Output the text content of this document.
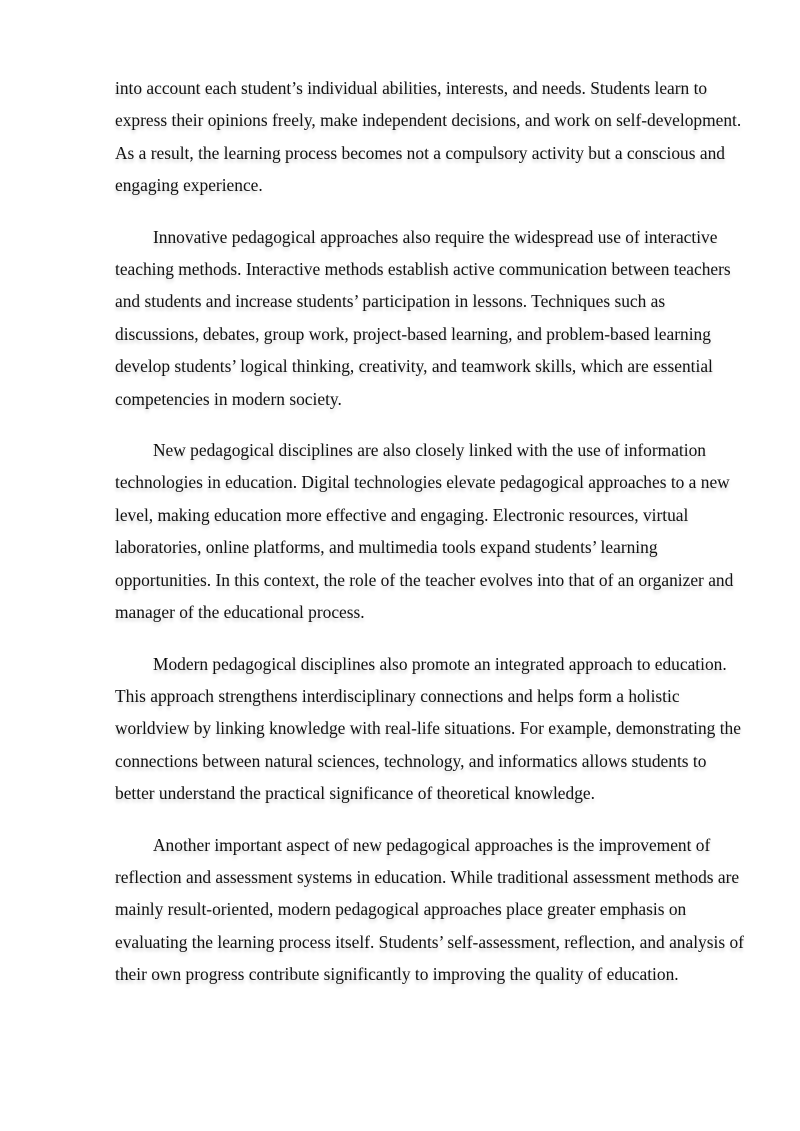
into account each student’s individual abilities, interests, and needs. Students learn to express their opinions freely, make independent decisions, and work on self-development. As a result, the learning process becomes not a compulsory activity but a conscious and engaging experience.

Innovative pedagogical approaches also require the widespread use of interactive teaching methods. Interactive methods establish active communication between teachers and students and increase students’ participation in lessons. Techniques such as discussions, debates, group work, project-based learning, and problem-based learning develop students’ logical thinking, creativity, and teamwork skills, which are essential competencies in modern society.

New pedagogical disciplines are also closely linked with the use of information technologies in education. Digital technologies elevate pedagogical approaches to a new level, making education more effective and engaging. Electronic resources, virtual laboratories, online platforms, and multimedia tools expand students’ learning opportunities. In this context, the role of the teacher evolves into that of an organizer and manager of the educational process.

Modern pedagogical disciplines also promote an integrated approach to education. This approach strengthens interdisciplinary connections and helps form a holistic worldview by linking knowledge with real-life situations. For example, demonstrating the connections between natural sciences, technology, and informatics allows students to better understand the practical significance of theoretical knowledge.

Another important aspect of new pedagogical approaches is the improvement of reflection and assessment systems in education. While traditional assessment methods are mainly result-oriented, modern pedagogical approaches place greater emphasis on evaluating the learning process itself. Students’ self-assessment, reflection, and analysis of their own progress contribute significantly to improving the quality of education.
